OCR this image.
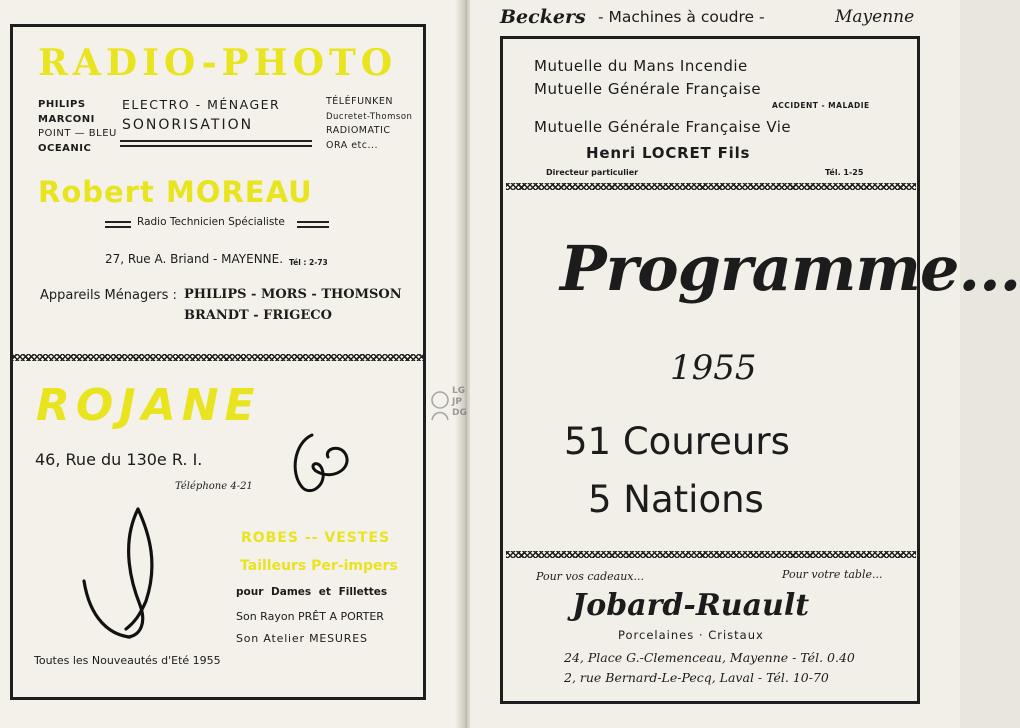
RADIO-PHOTO
PHILIPS
MARCONI
POINT — BLEU
OCEANIC
ELECTRO - MÉNAGER
SONORISATION
TÉLÉFUNKEN
Ducretet-Thomson
RADIOMATIC
ORA etc...
Robert MOREAU
Radio Technicien Spécialiste
27, Rue A. Briand - MAYENNE. Tél : 2-73
Appareils Ménagers : PHILIPS - MORS - THOMSON
BRANDT - FRIGECO
ROJANE
46, Rue du 130e R. I.
Téléphone 4-21
ROBES -- VESTES
Tailleurs Per-impers
pour Dames et Fillettes
Son Rayon PRÊT A PORTER
Son Atelier MESURES
Toutes les Nouveautés d'Eté 1955
LG
JP
DG
Beckers - Machines à coudre -	Mayenne
Mutuelle du Mans Incendie
Mutuelle Générale Française
ACCIDENT - MALADIE
Mutuelle Générale Française Vie
Henri LOCRET Fils
Directeur particulier	Tél. 1-25
Programme...
1955
51 Coureurs
5 Nations
Pour vos cadeaux...	Pour votre table...
Jobard-Ruault
Porcelaines · Cristaux
24, Place G.-Clemenceau, Mayenne - Tél. 0.40
2, rue Bernard-Le-Pecq, Laval - Tél. 10-70
